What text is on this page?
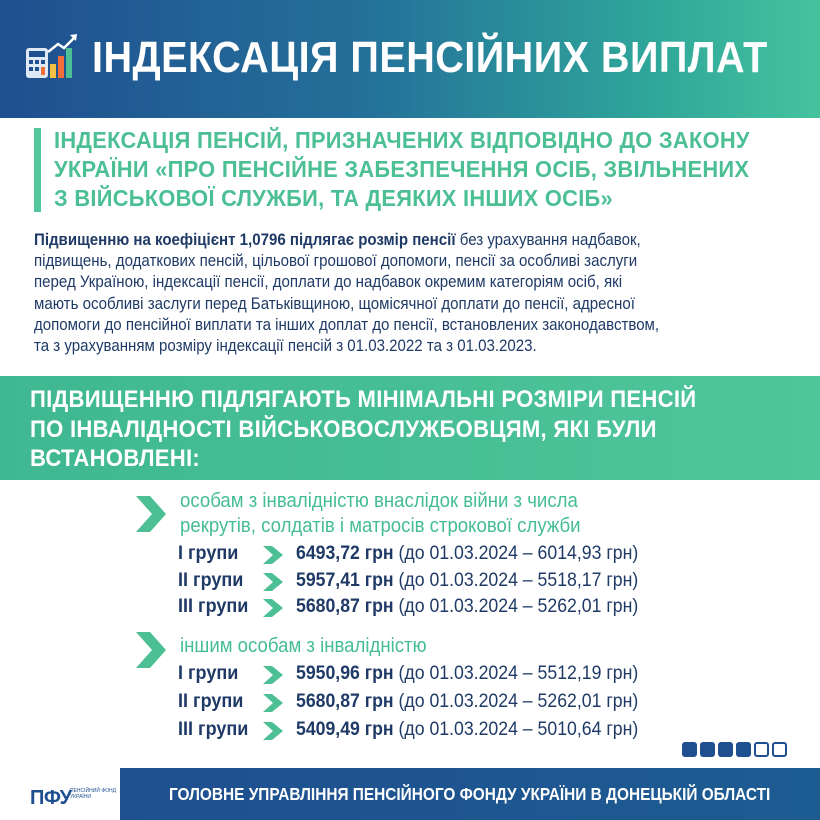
ІНДЕКСАЦІЯ ПЕНСІЙНИХ ВИПЛАТ
ІНДЕКСАЦІЯ ПЕНСІЙ, ПРИЗНАЧЕНИХ ВІДПОВІДНО ДО ЗАКОНУ
УКРАЇНИ «ПРО ПЕНСІЙНЕ ЗАБЕЗПЕЧЕННЯ ОСІБ, ЗВІЛЬНЕНИХ
З ВІЙСЬКОВОЇ СЛУЖБИ, ТА ДЕЯКИХ ІНШИХ ОСІБ»
Підвищенню на коефіцієнт 1,0796 підлягає розмір пенсії без урахування надбавок,
підвищень, додаткових пенсій, цільової грошової допомоги, пенсії за особливі заслуги
перед Україною, індексації пенсії, доплати до надбавок окремим категоріям осіб, які
мають особливі заслуги перед Батьківщиною, щомісячної доплати до пенсії, адресної
допомоги до пенсійної виплати та інших доплат до пенсії, встановлених законодавством,
та з урахуванням розміру індексації пенсій з 01.03.2022 та з 01.03.2023.
ПІДВИЩЕННЮ ПІДЛЯГАЮТЬ МІНІМАЛЬНІ РОЗМІРИ ПЕНСІЙ
ПО ІНВАЛІДНОСТІ ВІЙСЬКОВОСЛУЖБОВЦЯМ, ЯКІ БУЛИ
ВСТАНОВЛЕНІ:
особам з інвалідністю внаслідок війни з числа
рекрутів, солдатів і матросів строкової служби
І групи	6493,72 грн (до 01.03.2024 – 6014,93 грн)
ІІ групи	5957,41 грн (до 01.03.2024 – 5518,17 грн)
ІІІ групи	5680,87 грн (до 01.03.2024 – 5262,01 грн)
іншим особам з інвалідністю
І групи	5950,96 грн (до 01.03.2024 – 5512,19 грн)
ІІ групи	5680,87 грн (до 01.03.2024 – 5262,01 грн)
ІІІ групи	5409,49 грн (до 01.03.2024 – 5010,64 грн)
ПФУ
ПЕНСІЙНИЙ ФОНД УКРАЇНИ	ГОЛОВНЕ УПРАВЛІННЯ ПЕНСІЙНОГО ФОНДУ УКРАЇНИ В ДОНЕЦЬКІЙ ОБЛАСТІ
